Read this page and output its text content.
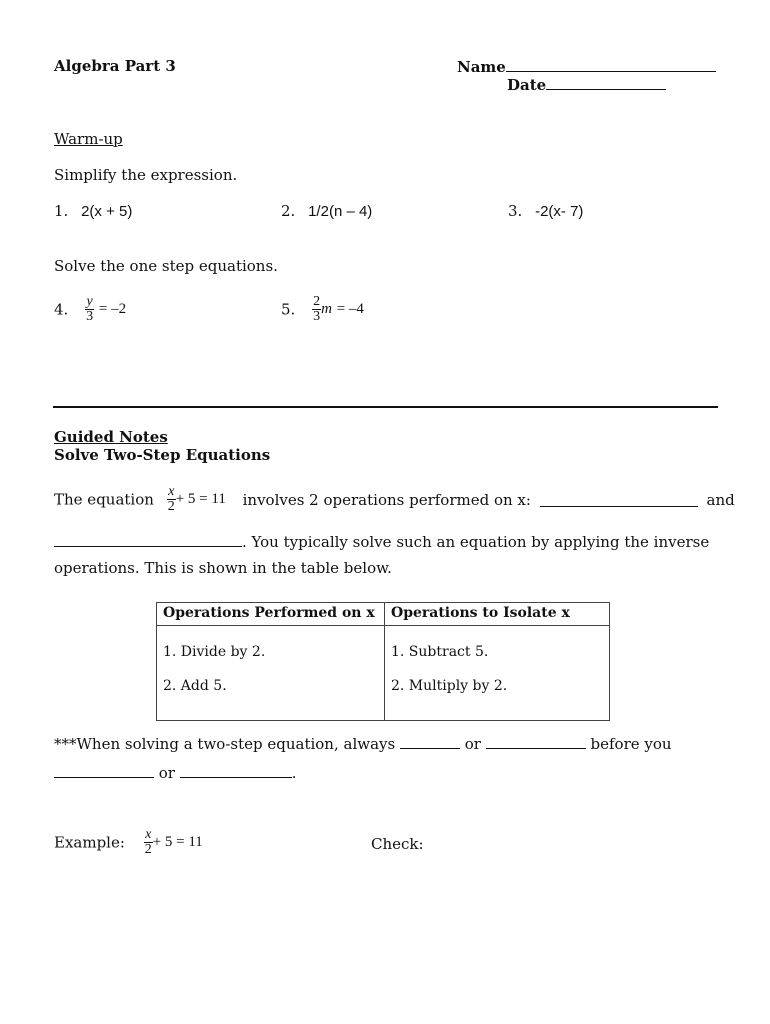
Algebra Part 3	Name
Date
Warm-up
Simplify the expression.
1. 2(x + 5)	2. 1/2(n – 4)	3. -2(x- 7)
Solve the one step equations.
4. $\frac{y}{3} = -2$	5. $\frac{2}{3}$ m = –4
Guided Notes
Solve Two-Step Equations
The equation $\frac{x}{2} + 5 = 11$ involves 2 operations performed on x:	and
. You typically solve such an equation by applying the inverse
operations. This is shown in the table below.
Operations Performed on x	Operations to Isolate x
1. Divide by 2.	1. Subtract 5.
2. Add 5.	2. Multiply by 2.
***When solving a two-step equation, always	or	before you
or	.
Example: $\frac{x}{2} + 5 = 11$	Check:
